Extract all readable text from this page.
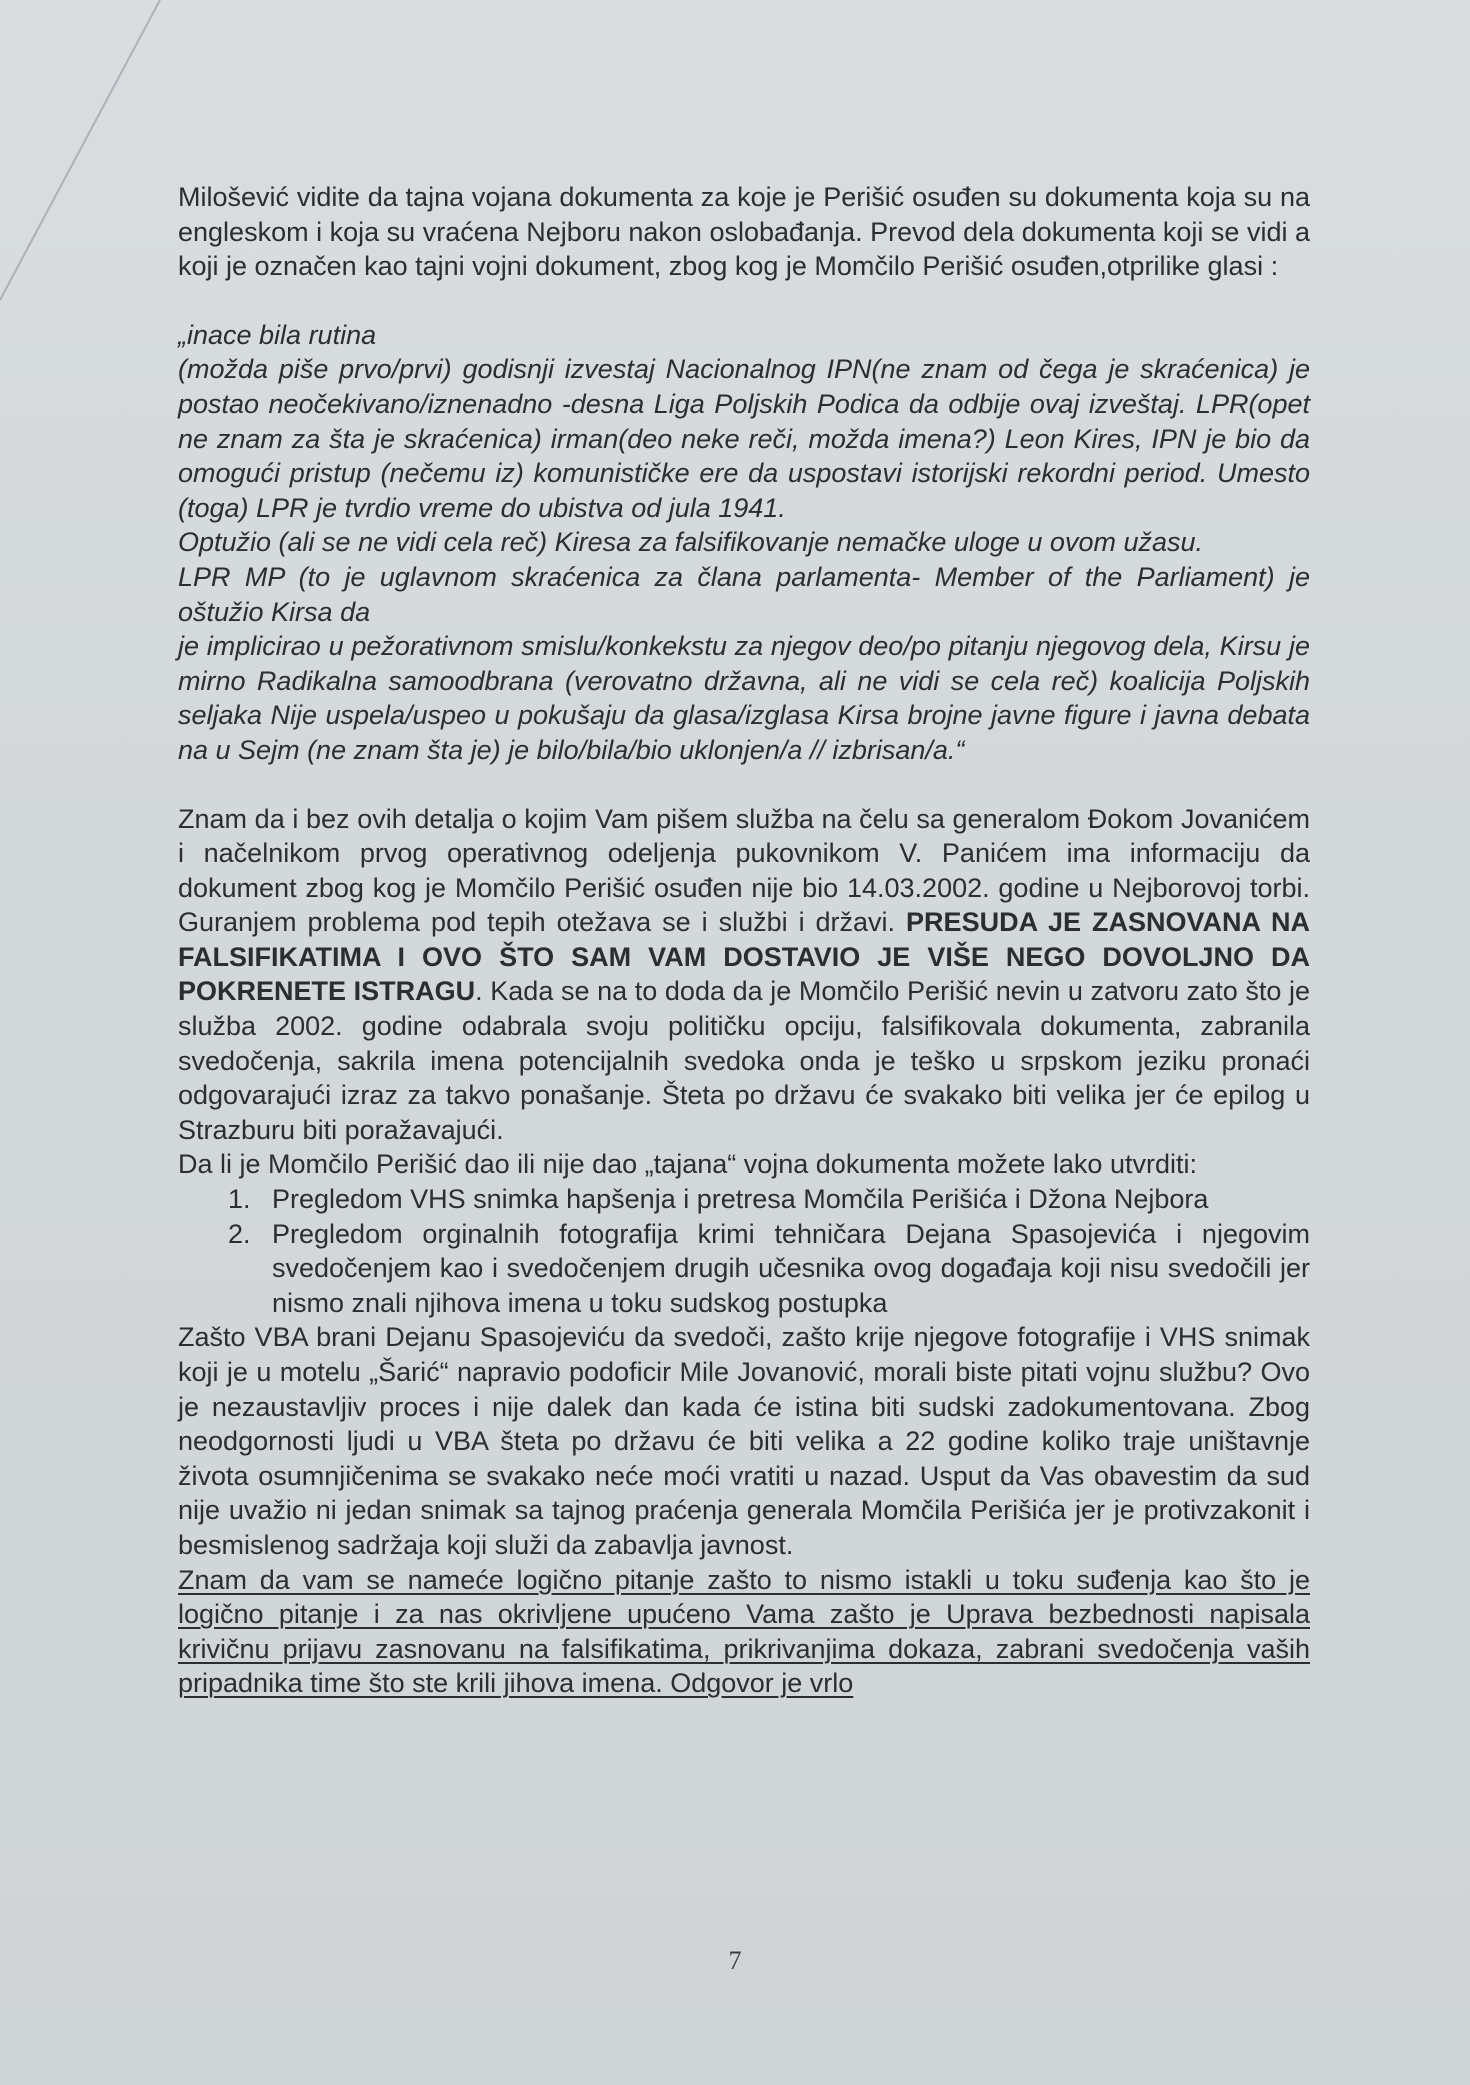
Milošević vidite da tajna vojana dokumenta za koje je Perišić osuđen su dokumenta koja su na engleskom i koja su vraćena Nejboru nakon oslobađanja. Prevod dela dokumenta koji se vidi a koji je označen kao tajni vojni dokument, zbog kog je Momčilo Perišić osuđen,otprilike glasi :

„inace bila rutina
(možda piše prvo/prvi) godisnji izvestaj Nacionalnog IPN(ne znam od čega je skraćenica) je postao neočekivano/iznenadno -desna Liga Poljskih Podica da odbije ovaj izveštaj. LPR(opet ne znam za šta je skraćenica) irman(deo neke reči, možda imena?) Leon Kires, IPN je bio da omogući pristup (nečemu iz) komunističke ere da uspostavi istorijski rekordni period. Umesto (toga) LPR je tvrdio vreme do ubistva od jula 1941.
Optužio (ali se ne vidi cela reč) Kiresa za falsifikovanje nemačke uloge u ovom užasu.
LPR MP (to je uglavnom skraćenica za člana parlamenta- Member of the Parliament) je oštužio Kirsa da
je implicirao u pežorativnom smislu/konkekstu za njegov deo/po pitanju njegovog dela, Kirsu je mirno Radikalna samoodbrana (verovatno državna, ali ne vidi se cela reč) koalicija Poljskih seljaka Nije uspela/uspeo u pokušaju da glasa/izglasa Kirsa brojne javne figure i javna debata na u Sejm (ne znam šta je) je bilo/bila/bio uklonjen/a // izbrisan/a.“

Znam da i bez ovih detalja o kojim Vam pišem služba na čelu sa generalom Đokom Jovanićem i načelnikom prvog operativnog odeljenja pukovnikom V. Panićem ima informaciju da dokument zbog kog je Momčilo Perišić osuđen nije bio 14.03.2002. godine u Nejborovoj torbi. Guranjem problema pod tepih otežava se i službi i državi. PRESUDA JE ZASNOVANA NA FALSIFIKATIMA I OVO ŠTO SAM VAM DOSTAVIO JE VIŠE NEGO DOVOLJNO DA POKRENETE ISTRAGU. Kada se na to doda da je Momčilo Perišić nevin u zatvoru zato što je služba 2002. godine odabrala svoju političku opciju, falsifikovala dokumenta, zabranila svedočenja, sakrila imena potencijalnih svedoka onda je teško u srpskom jeziku pronaći odgovarajući izraz za takvo ponašanje. Šteta po državu će svakako biti velika jer će epilog u Strazburu biti poražavajući.

Da li je Momčilo Perišić dao ili nije dao „tajana“ vojna dokumenta možete lako utvrditi:

1. Pregledom VHS snimka hapšenja i pretresa Momčila Perišića i Džona Nejbora
2. Pregledom orginalnih fotografija krimi tehničara Dejana Spasojevića i njegovim svedočenjem kao i svedočenjem drugih učesnika ovog događaja koji nisu svedočili jer nismo znali njihova imena u toku sudskog postupka

Zašto VBA brani Dejanu Spasojeviću da svedoči, zašto krije njegove fotografije i VHS snimak koji je u motelu „Šarić“ napravio podoficir Mile Jovanović, morali biste pitati vojnu službu? Ovo je nezaustavljiv proces i nije dalek dan kada će istina biti sudski zadokumentovana. Zbog neodgornosti ljudi u VBA šteta po državu će biti velika a 22 godine koliko traje uništavnje života osumnjičenima se svakako neće moći vratiti u nazad. Usput da Vas obavestim da sud nije uvažio ni jedan snimak sa tajnog praćenja generala Momčila Perišića jer je protivzakonit i besmislenog sadržaja koji služi da zabavlja javnost.

Znam da vam se nameće logično pitanje zašto to nismo istakli u toku suđenja kao što je logično pitanje i za nas okrivljene upućeno Vama zašto je Uprava bezbednosti napisala krivičnu prijavu zasnovanu na falsifikatima, prikrivanjima dokaza, zabrani svedočenja vaših pripadnika time što ste krili jihova imena. Odgovor je vrlo

7
